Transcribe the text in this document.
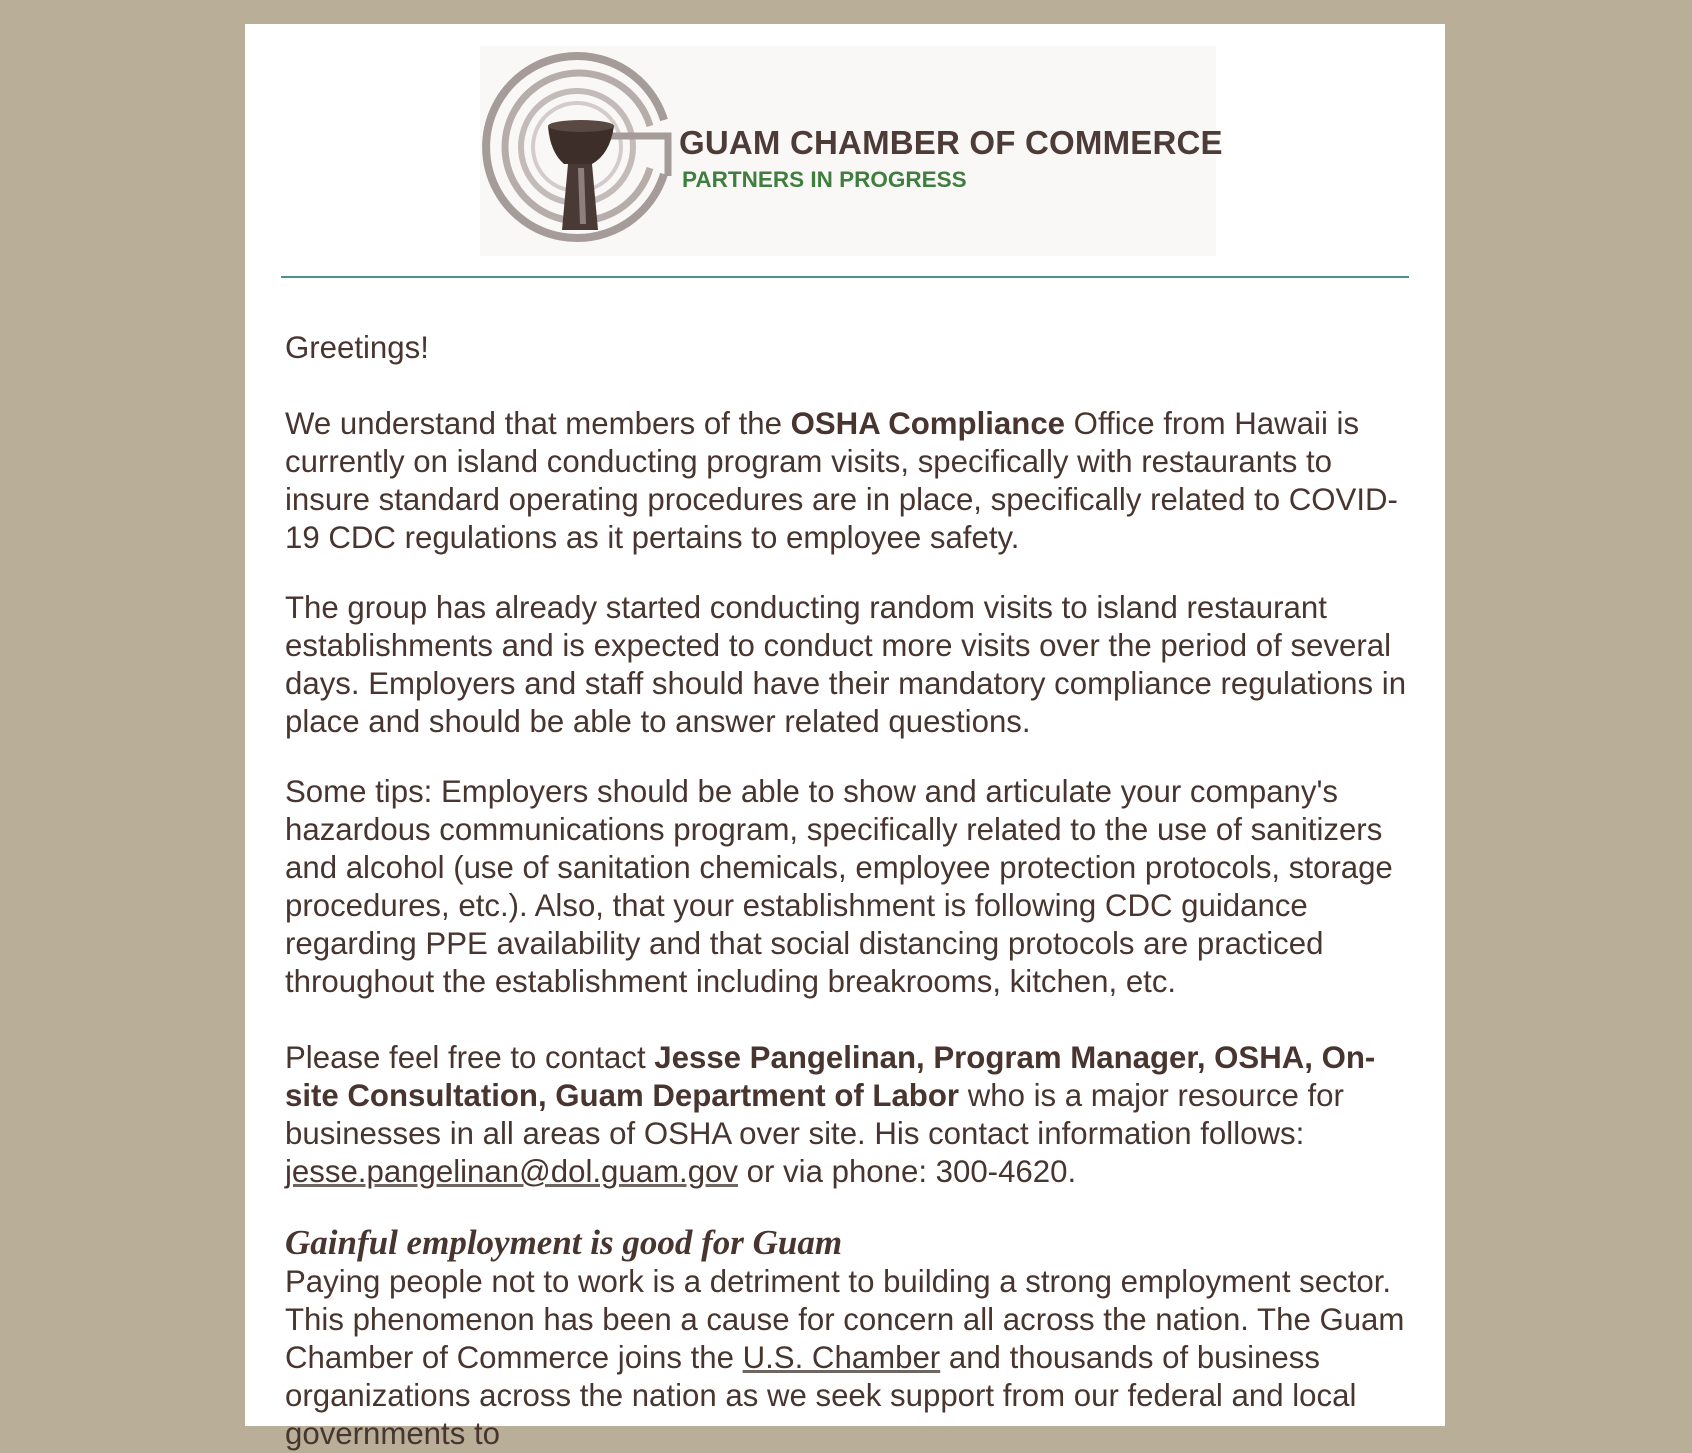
GUAM CHAMBER OF COMMERCE
PARTNERS IN PROGRESS

Greetings!

We understand that members of the OSHA Compliance Office from Hawaii is currently on island conducting program visits, specifically with restaurants to insure standard operating procedures are in place, specifically related to COVID-19 CDC regulations as it pertains to employee safety.

The group has already started conducting random visits to island restaurant establishments and is expected to conduct more visits over the period of several days. Employers and staff should have their mandatory compliance regulations in place and should be able to answer related questions.

Some tips: Employers should be able to show and articulate your company's hazardous communications program, specifically related to the use of sanitizers and alcohol (use of sanitation chemicals, employee protection protocols, storage procedures, etc.). Also, that your establishment is following CDC guidance regarding PPE availability and that social distancing protocols are practiced throughout the establishment including breakrooms, kitchen, etc.

Please feel free to contact Jesse Pangelinan, Program Manager, OSHA, On-site Consultation, Guam Department of Labor who is a major resource for businesses in all areas of OSHA over site. His contact information follows: jesse.pangelinan@dol.guam.gov or via phone: 300-4620.

Gainful employment is good for Guam

Paying people not to work is a detriment to building a strong employment sector. This phenomenon has been a cause for concern all across the nation. The Guam Chamber of Commerce joins the U.S. Chamber and thousands of business organizations across the nation as we seek support from our federal and local governments to
